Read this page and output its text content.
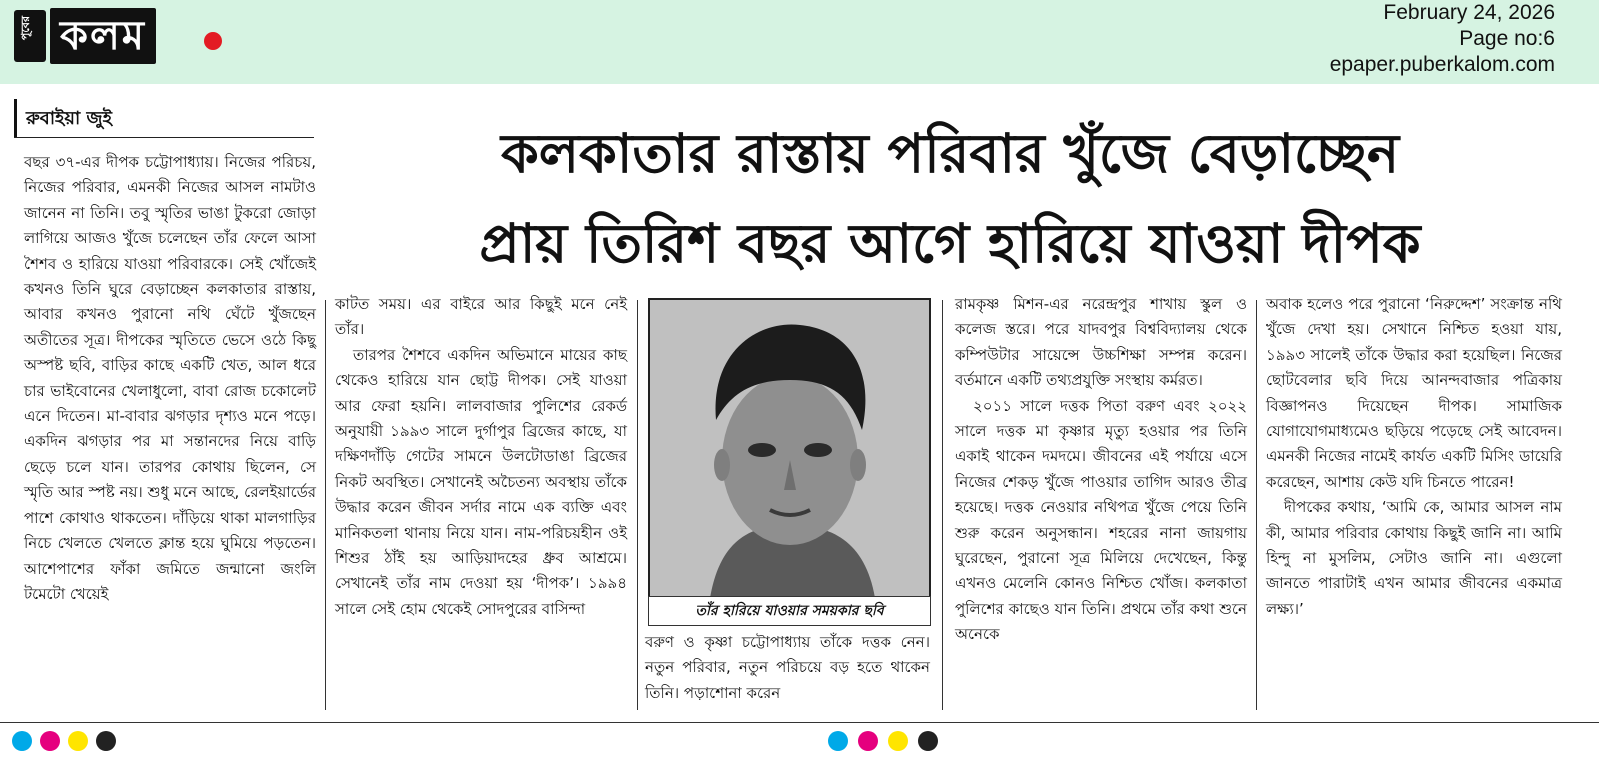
পূবের কলম
February 24, 2026
Page no:6
epaper.puberkalom.com
রুবাইয়া জুই
কলকাতার রাস্তায় পরিবার খুঁজে বেড়াচ্ছেন
প্রায় তিরিশ বছর আগে হারিয়ে যাওয়া দীপক

বছর ৩৭-এর দীপক চট্টোপাধ্যায়। নিজের পরিচয়, নিজের পরিবার, এমনকী নিজের আসল নামটাও জানেন না তিনি। তবু স্মৃতির ভাঙা টুকরো জোড়া লাগিয়ে আজও খুঁজে চলেছেন তাঁর ফেলে আসা শৈশব ও হারিয়ে যাওয়া পরিবারকে। সেই খোঁজেই কখনও তিনি ঘুরে বেড়াচ্ছেন কলকাতার রাস্তায়, আবার কখনও পুরানো নথি ঘেঁটে খুঁজছেন অতীতের সূত্র। দীপকের স্মৃতিতে ভেসে ওঠে কিছু অস্পষ্ট ছবি, বাড়ির কাছে একটি খেত, আল ধরে চার ভাইবোনের খেলাধুলো, বাবা রোজ চকোলেট এনে দিতেন। মা-বাবার ঝগড়ার দৃশ্যও মনে পড়ে। একদিন ঝগড়ার পর মা সন্তানদের নিয়ে বাড়ি ছেড়ে চলে যান। তারপর কোথায় ছিলেন, সে স্মৃতি আর স্পষ্ট নয়। শুধু মনে আছে, রেলইয়ার্ডের পাশে কোথাও থাকতেন। দাঁড়িয়ে থাকা মালগাড়ির নিচে খেলতে খেলতে ক্লান্ত হয়ে ঘুমিয়ে পড়তেন। আশেপাশের ফাঁকা জমিতে জন্মানো জংলি টমেটো খেয়েই

কাটত সময়। এর বাইরে আর কিছুই মনে নেই তাঁর।

তারপর শৈশবে একদিন অভিমানে মায়ের কাছ থেকেও হারিয়ে যান ছোট্ট দীপক। সেই যাওয়া আর ফেরা হয়নি। লালবাজার পুলিশের রেকর্ড অনুযায়ী ১৯৯৩ সালে দুর্গাপুর ব্রিজের কাছে, যা দক্ষিণদাঁড়ি গেটের সামনে উলটোডাঙা ব্রিজের নিকট অবস্থিত। সেখানেই অচৈতন্য অবস্থায় তাঁকে উদ্ধার করেন জীবন সর্দার নামে এক ব্যক্তি এবং মানিকতলা থানায় নিয়ে যান। নাম-পরিচয়হীন ওই শিশুর ঠাঁই হয় আড়িয়াদহের ধ্রুব আশ্রমে। সেখানেই তাঁর নাম দেওয়া হয় ‘দীপক’। ১৯৯৪ সালে সেই হোম থেকেই সোদপুরের বাসিন্দা	তাঁর হারিয়ে যাওয়ার সময়কার ছবি

বরুণ ও কৃষ্ণা চট্টোপাধ্যায় তাঁকে দত্তক নেন। নতুন পরিবার, নতুন পরিচয়ে বড় হতে থাকেন তিনি। পড়াশোনা করেন

রামকৃষ্ণ মিশন-এর নরেন্দ্রপুর শাখায় স্কুল ও কলেজ স্তরে। পরে যাদবপুর বিশ্ববিদ্যালয় থেকে কম্পিউটার সায়েন্সে উচ্চশিক্ষা সম্পন্ন করেন। বর্তমানে একটি তথ্যপ্রযুক্তি সংস্থায় কর্মরত।

২০১১ সালে দত্তক পিতা বরুণ এবং ২০২২ সালে দত্তক মা কৃষ্ণার মৃত্যু হওয়ার পর তিনি একাই থাকেন দমদমে। জীবনের এই পর্যায়ে এসে নিজের শেকড় খুঁজে পাওয়ার তাগিদ আরও তীব্র হয়েছে। দত্তক নেওয়ার নথিপত্র খুঁজে পেয়ে তিনি শুরু করেন অনুসন্ধান। শহরের নানা জায়গায় ঘুরেছেন, পুরানো সূত্র মিলিয়ে দেখেছেন, কিন্তু এখনও মেলেনি কোনও নিশ্চিত খোঁজ। কলকাতা পুলিশের কাছেও যান তিনি। প্রথমে তাঁর কথা শুনে অনেকে

অবাক হলেও পরে পুরানো ‘নিরুদ্দেশ’ সংক্রান্ত নথি খুঁজে দেখা হয়। সেখানে নিশ্চিত হওয়া যায়, ১৯৯৩ সালেই তাঁকে উদ্ধার করা হয়েছিল। নিজের ছোটবেলার ছবি দিয়ে আনন্দবাজার পত্রিকায় বিজ্ঞাপনও দিয়েছেন দীপক। সামাজিক যোগাযোগমাধ্যমেও ছড়িয়ে পড়েছে সেই আবেদন। এমনকী নিজের নামেই কার্যত একটি মিসিং ডায়েরি করেছেন, আশায় কেউ যদি চিনতে পারেন!

দীপকের কথায়, ‘আমি কে, আমার আসল নাম কী, আমার পরিবার কোথায় কিছুই জানি না। আমি হিন্দু না মুসলিম, সেটাও জানি না। এগুলো জানতে পারাটাই এখন আমার জীবনের একমাত্র লক্ষ্য।’
